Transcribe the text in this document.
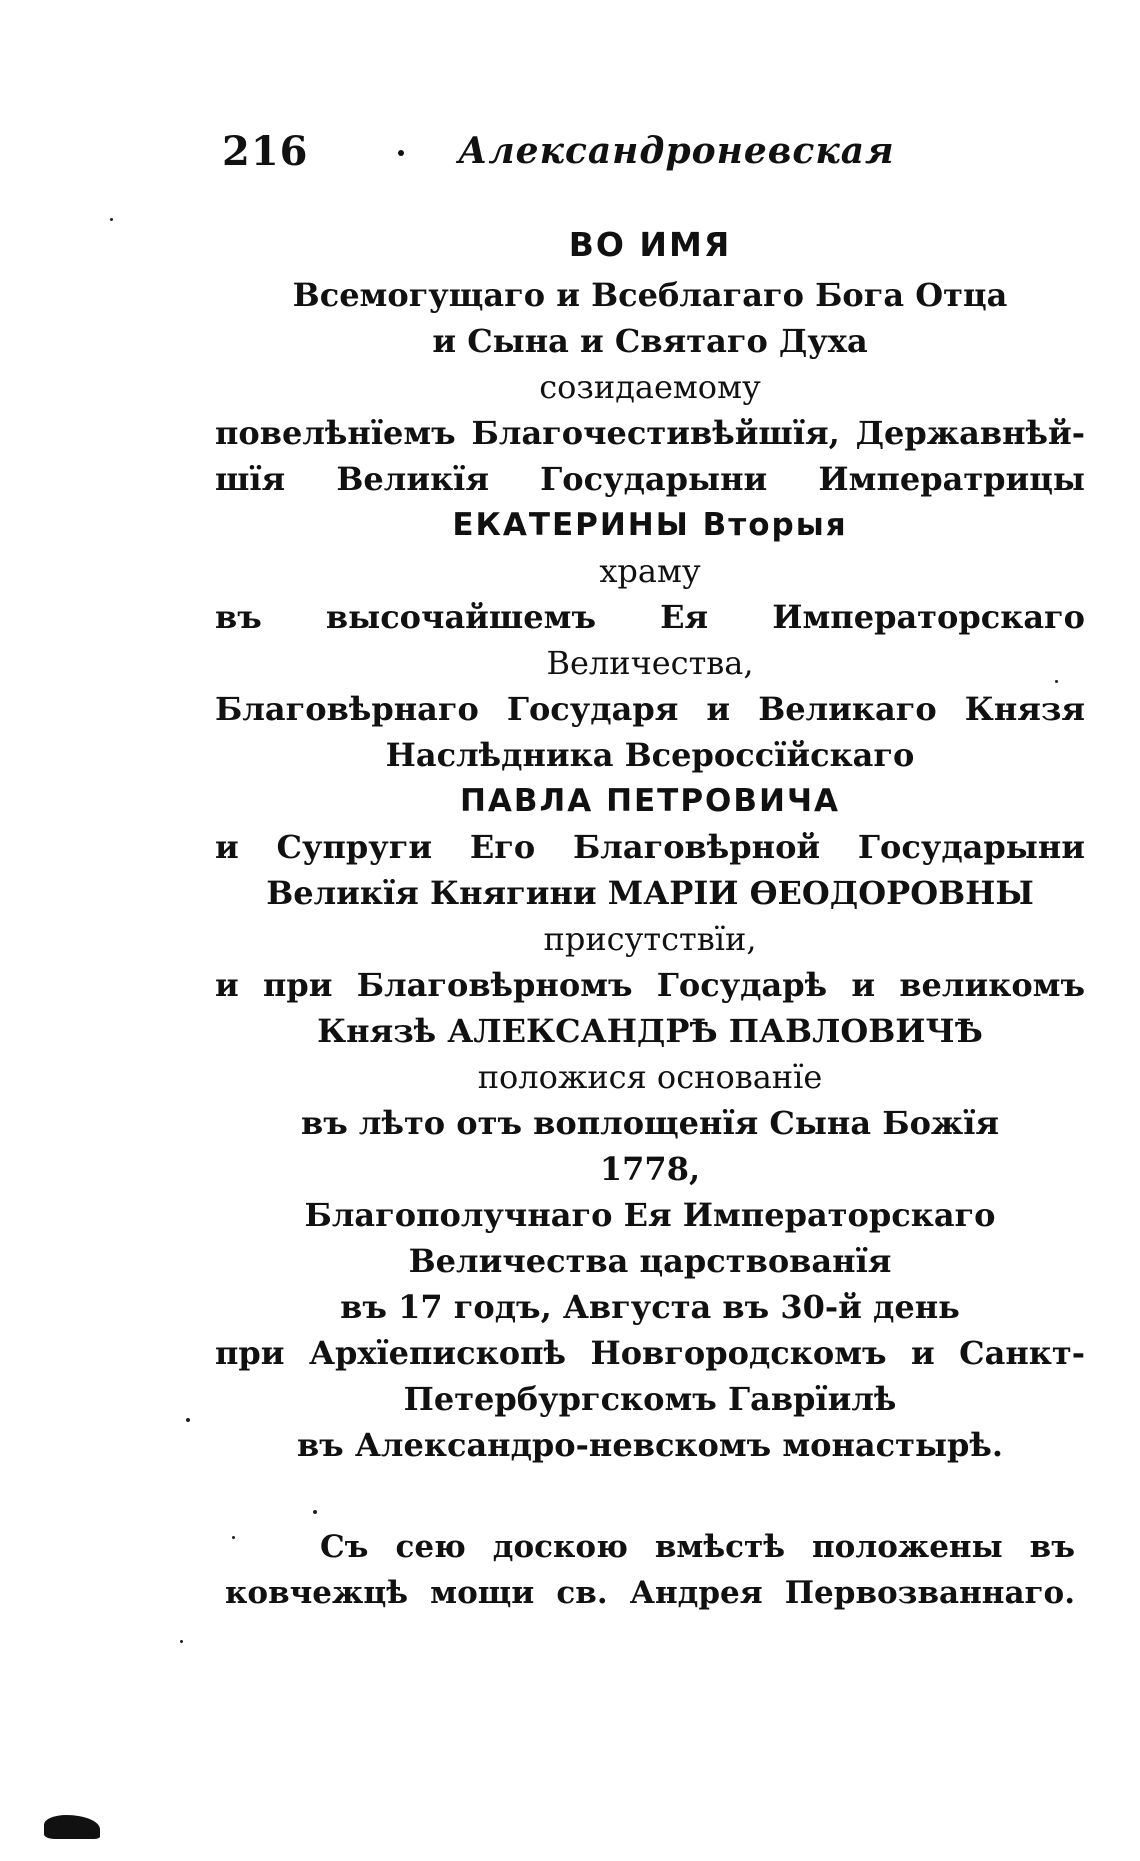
216	Александроневская
ВО ИМЯ
Всемогущаго и Всеблагаго Бога Отца
и Сына и Святаго Духа
созидаемому
повелѣнїемъ Благочестивѣйшїя, Державнѣй-
шїя Великїя Государыни Императрицы
ЕКАТЕРИНЫ Вторыя
храму
въ высочайшемъ Ея Императорскаго
Величества,
Благовѣрнаго Государя и Великаго Князя
Наслѣдника Всероссїйскаго
ПАВЛА ПЕТРОВИЧА
и Супруги Его Благовѣрной Государыни
Великїя Княгини МАРIИ ѲЕОДОРОВНЫ
присутствїи,
и при Благовѣрномъ Государѣ и великомъ
Князѣ АЛЕКСАНДРѢ ПАВЛОВИЧѢ
положися основанїе
въ лѣто отъ воплощенїя Сына Божїя
1778,
Благополучнаго Ея Императорскаго
Величества царствованїя
въ 17 годъ, Августа въ 30-й день
при Архїепископѣ Новгородскомъ и Санкт-
Петербургскомъ Гаврїилѣ
въ Александро-невскомъ монастырѣ.
Съ сею доскою вмѣстѣ положены въ
ковчежцѣ мощи св. Андрея Первозваннаго.
